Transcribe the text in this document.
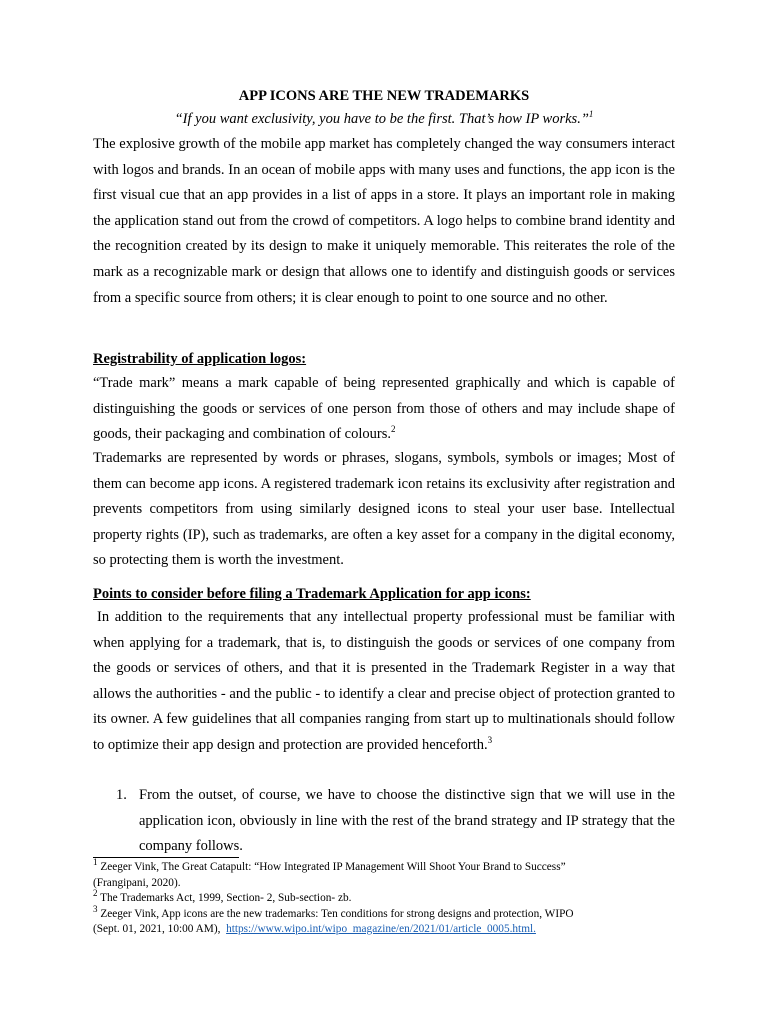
APP ICONS ARE THE NEW TRADEMARKS
“If you want exclusivity, you have to be the first. That’s how IP works.”$^1$
The explosive growth of the mobile app market has completely changed the way consumers interact with logos and brands. In an ocean of mobile apps with many uses and functions, the app icon is the first visual cue that an app provides in a list of apps in a store. It plays an important role in making the application stand out from the crowd of competitors. A logo helps to combine brand identity and the recognition created by its design to make it uniquely memorable. This reiterates the role of the mark as a recognizable mark or design that allows one to identify and distinguish goods or services from a specific source from others; it is clear enough to point to one source and no other.
Registrability of application logos:
“Trade mark” means a mark capable of being represented graphically and which is capable of distinguishing the goods or services of one person from those of others and may include shape of goods, their packaging and combination of colours.$^2$
Trademarks are represented by words or phrases, slogans, symbols, symbols or images; Most of them can become app icons. A registered trademark icon retains its exclusivity after registration and prevents competitors from using similarly designed icons to steal your user base. Intellectual property rights (IP), such as trademarks, are often a key asset for a company in the digital economy, so protecting them is worth the investment.
Points to consider before filing a Trademark Application for app icons:
In addition to the requirements that any intellectual property professional must be familiar with when applying for a trademark, that is, to distinguish the goods or services of one company from the goods or services of others, and that it is presented in the Trademark Register in a way that allows the authorities - and the public - to identify a clear and precise object of protection granted to its owner. A few guidelines that all companies ranging from start up to multinationals should follow to optimize their app design and protection are provided henceforth.$^3$
1. From the outset, of course, we have to choose the distinctive sign that we will use in the application icon, obviously in line with the rest of the brand strategy and IP strategy that the company follows.
$^1$ Zeeger Vink, The Great Catapult: “How Integrated IP Management Will Shoot Your Brand to Success”
(Frangipani, 2020).
$^2$ The Trademarks Act, 1999, Section- 2, Sub-section- zb.
$^3$ Zeeger Vink, App icons are the new trademarks: Ten conditions for strong designs and protection, WIPO
(Sept. 01, 2021, 10:00 AM), https://www.wipo.int/wipo_magazine/en/2021/01/article_0005.html.
